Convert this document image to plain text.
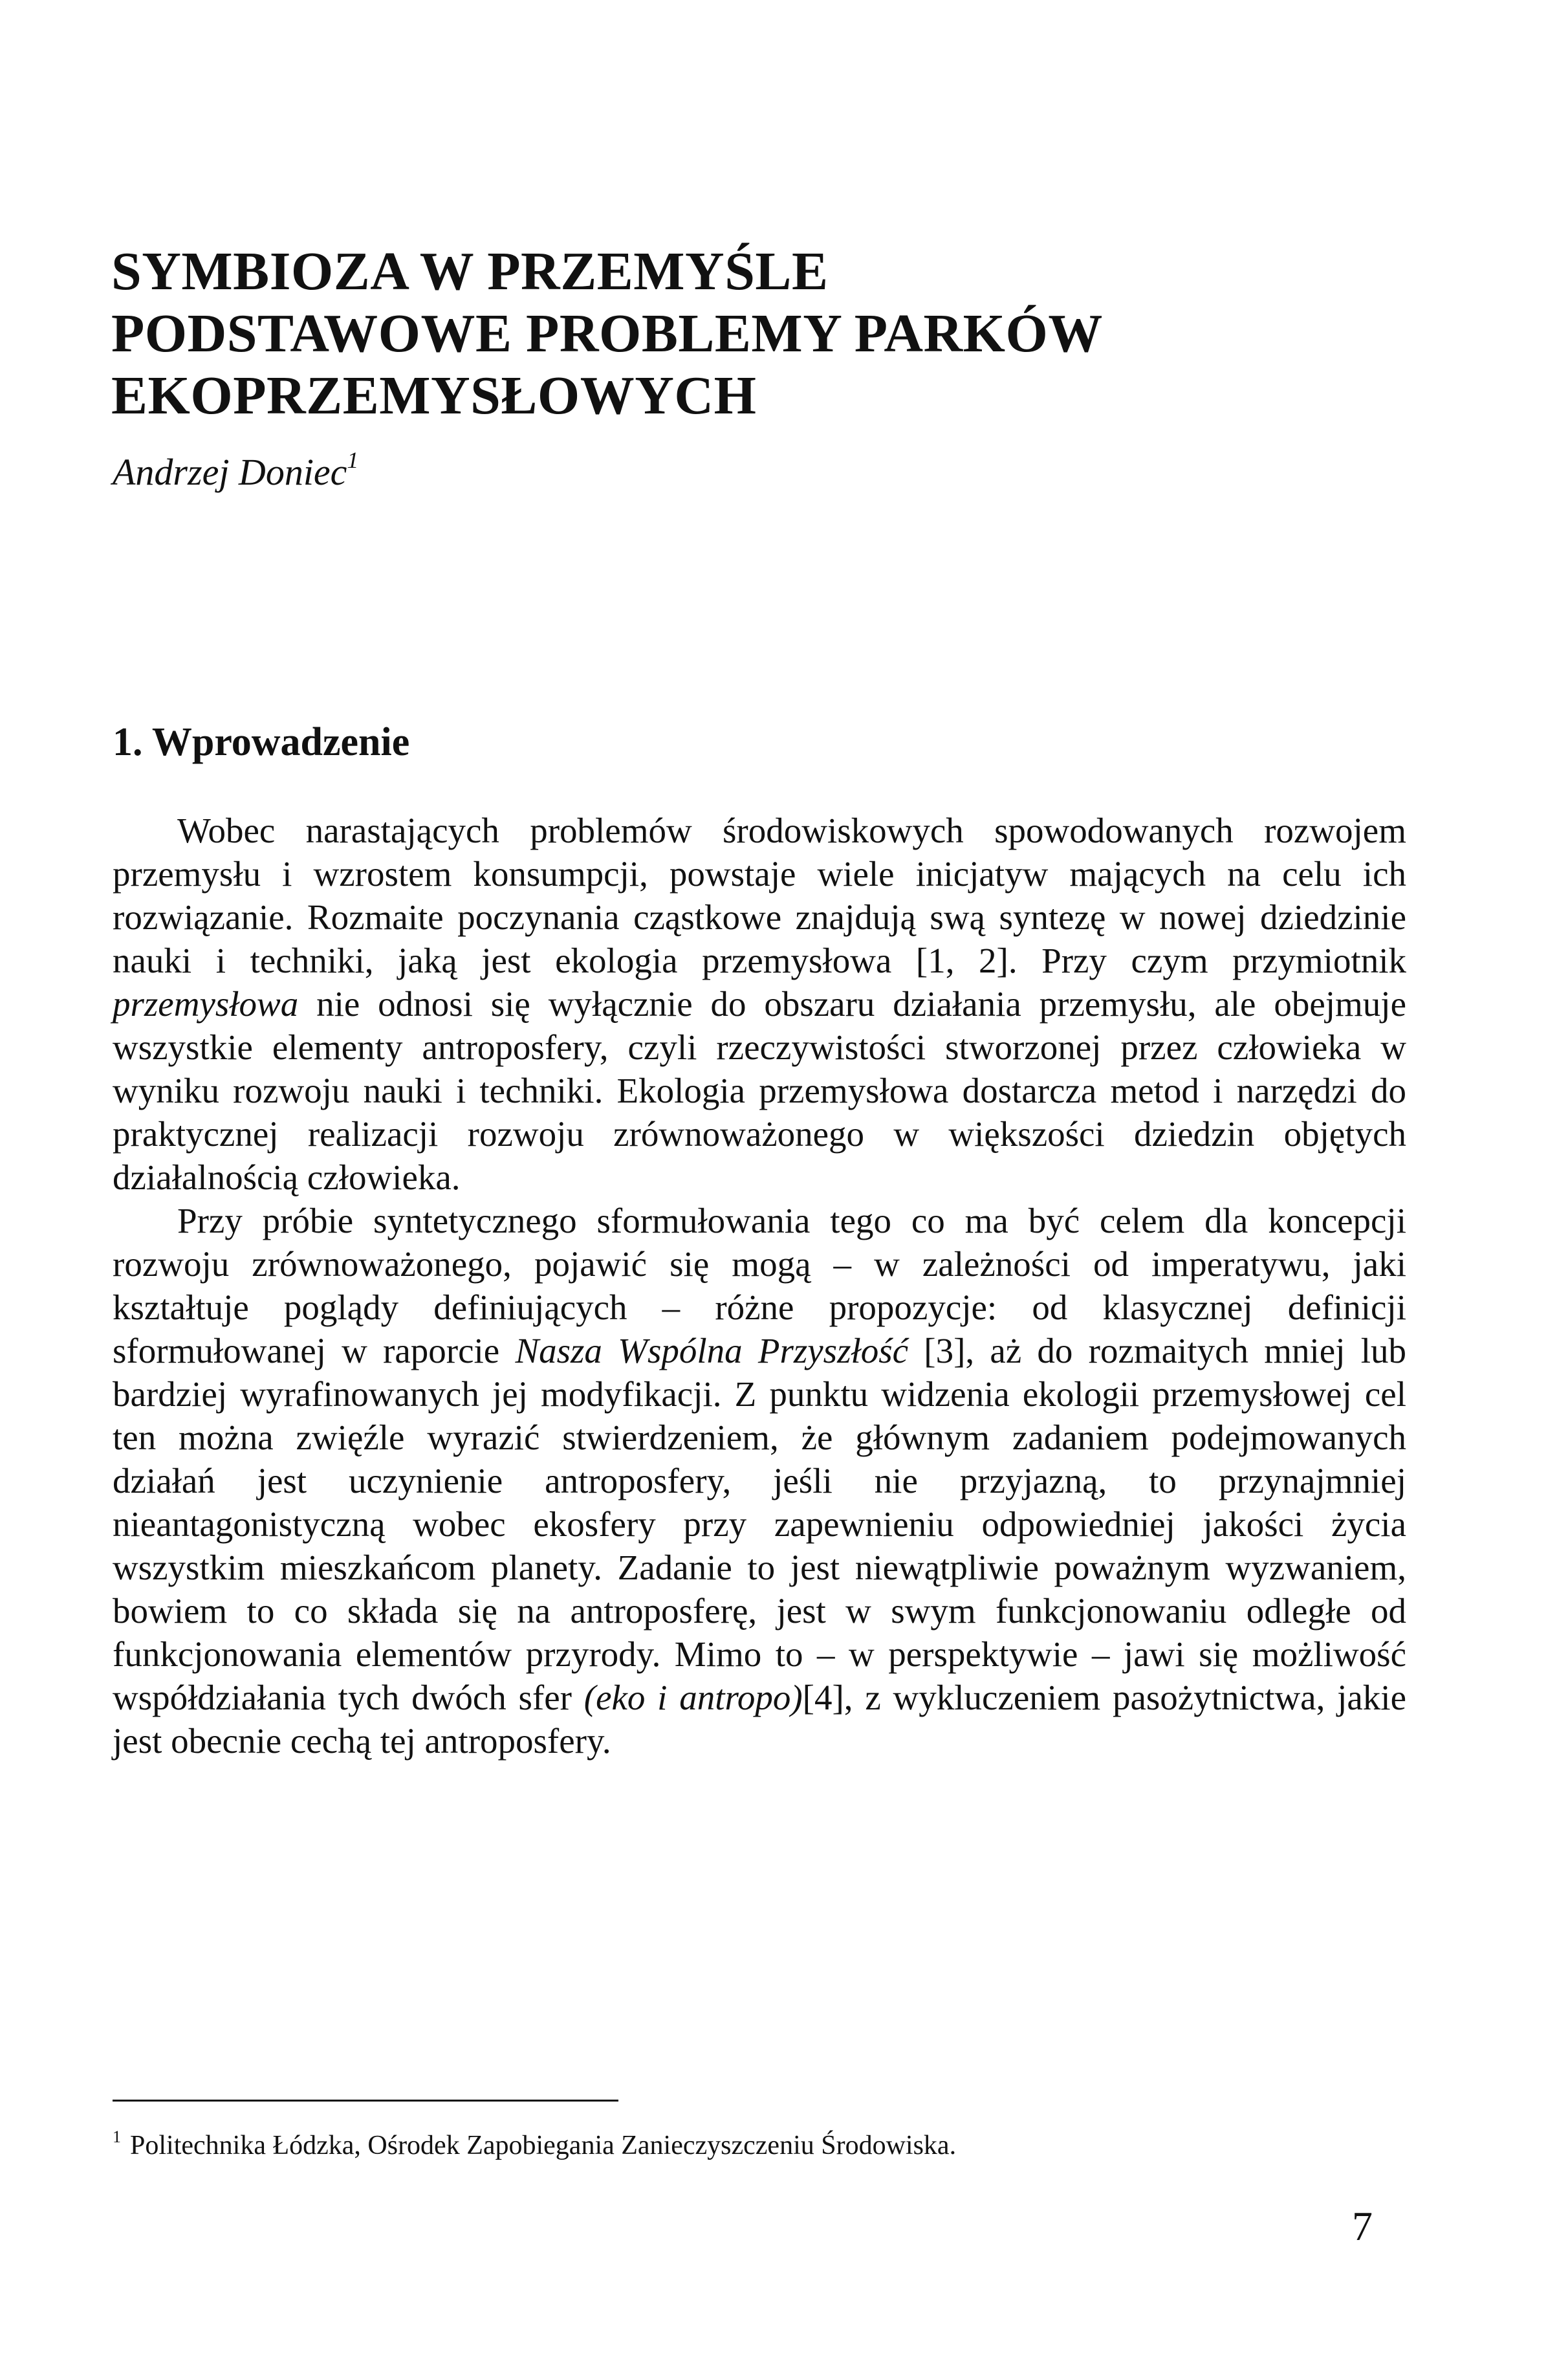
SYMBIOZA W PRZEMYŚLE
PODSTAWOWE PROBLEMY PARKÓW
EKOPRZEMYSŁOWYCH

Andrzej Doniec$^1$

1. Wprowadzenie

Wobec narastających problemów środowiskowych spowodowanych rozwojem przemysłu i wzrostem konsumpcji, powstaje wiele inicjatyw mających na celu ich rozwiązanie. Rozmaite poczynania cząstkowe znajdują swą syntezę w nowej dziedzinie nauki i techniki, jaką jest ekologia przemysłowa [1, 2]. Przy czym przymiotnik przemysłowa nie odnosi się wyłącznie do obszaru działania przemysłu, ale obejmuje wszystkie elementy antroposfery, czyli rzeczywistości stworzonej przez człowieka w wyniku rozwoju nauki i techniki. Ekologia przemysłowa dostarcza metod i narzędzi do praktycznej realizacji rozwoju zrównoważonego w większości dziedzin objętych działalnością człowieka.

Przy próbie syntetycznego sformułowania tego co ma być celem dla koncepcji rozwoju zrównoważonego, pojawić się mogą – w zależności od imperatywu, jaki kształtuje poglądy definiujących – różne propozycje: od klasycznej definicji sformułowanej w raporcie Nasza Wspólna Przyszłość [3], aż do rozmaitych mniej lub bardziej wyrafinowanych jej modyfikacji. Z punktu widzenia ekologii przemysłowej cel ten można zwięźle wyrazić stwierdzeniem, że głównym zadaniem podejmowanych działań jest uczynienie antroposfery, jeśli nie przyjazną, to przynajmniej nieantagonistyczną wobec ekosfery przy zapewnieniu odpowiedniej jakości życia wszystkim mieszkańcom planety. Zadanie to jest niewątpliwie poważnym wyzwaniem, bowiem to co składa się na antroposferę, jest w swym funkcjonowaniu odległe od funkcjonowania elementów przyrody. Mimo to – w perspektywie – jawi się możliwość współdziałania tych dwóch sfer (eko i antropo)[4], z wykluczeniem pasożytnictwa, jakie jest obecnie cechą tej antroposfery.

$^1$ Politechnika Łódzka, Ośrodek Zapobiegania Zanieczyszczeniu Środowiska.

7
